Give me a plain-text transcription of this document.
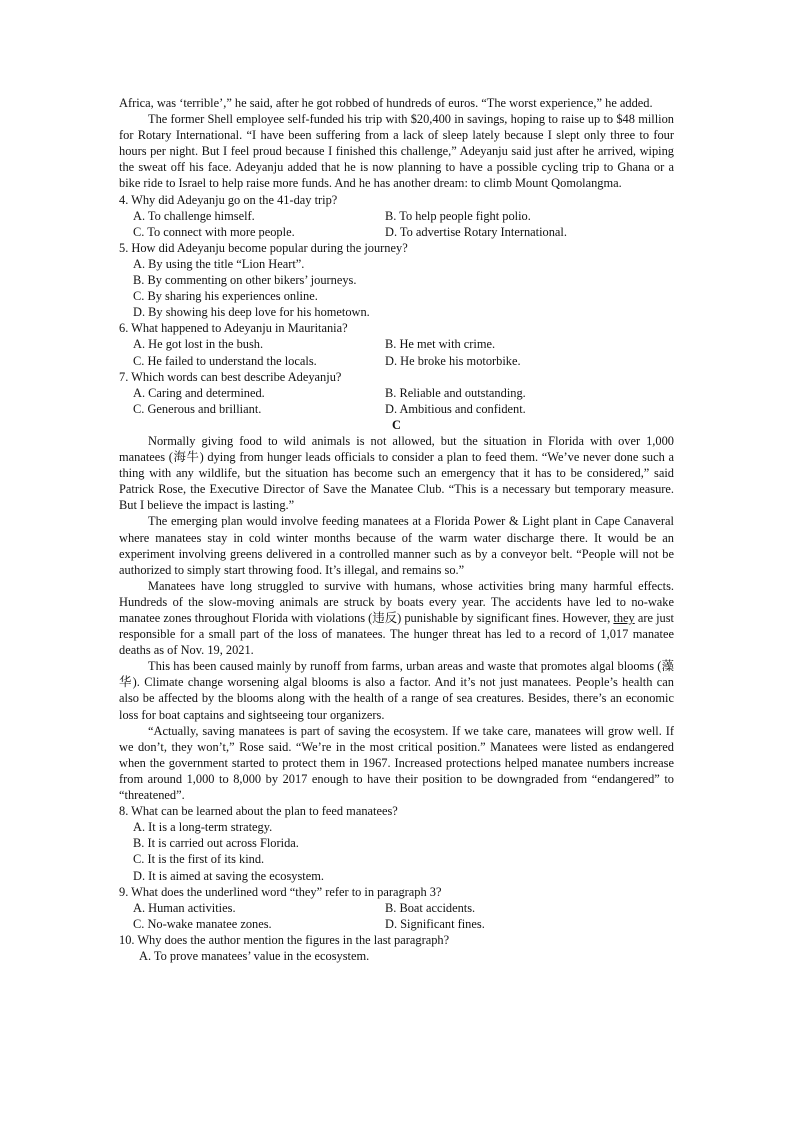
Africa, was ‘terrible’,” he said, after he got robbed of hundreds of euros. “The worst experience,” he added.

The former Shell employee self-funded his trip with $20,400 in savings, hoping to raise up to $48 million for Rotary International. “I have been suffering from a lack of sleep lately because I slept only three to four hours per night. But I feel proud because I finished this challenge,” Adeyanju said just after he arrived, wiping the sweat off his face. Adeyanju added that he is now planning to have a possible cycling trip to Ghana or a bike ride to Israel to help raise more funds. And he has another dream: to climb Mount Qomolangma.

4. Why did Adeyanju go on the 41-day trip?

A. To challenge himself.	B. To help people fight polio.
C. To connect with more people.	D. To advertise Rotary International.

5. How did Adeyanju become popular during the journey?

A. By using the title “Lion Heart”.

B. By commenting on other bikers’ journeys.

C. By sharing his experiences online.

D. By showing his deep love for his hometown.

6. What happened to Adeyanju in Mauritania?

A. He got lost in the bush.	B. He met with crime.
C. He failed to understand the locals.	D. He broke his motorbike.

7. Which words can best describe Adeyanju?

A. Caring and determined.	B. Reliable and outstanding.
C. Generous and brilliant.	D. Ambitious and confident.

C

Normally giving food to wild animals is not allowed, but the situation in Florida with over 1,000 manatees (海牛) dying from hunger leads officials to consider a plan to feed them. “We’ve never done such a thing with any wildlife, but the situation has become such an emergency that it has to be considered,” said Patrick Rose, the Executive Director of Save the Manatee Club. “This is a necessary but temporary measure. But I believe the impact is lasting.”

The emerging plan would involve feeding manatees at a Florida Power & Light plant in Cape Canaveral where manatees stay in cold winter months because of the warm water discharge there. It would be an experiment involving greens delivered in a controlled manner such as by a conveyor belt. “People will not be authorized to simply start throwing food. It’s illegal, and remains so.”

Manatees have long struggled to survive with humans, whose activities bring many harmful effects. Hundreds of the slow-moving animals are struck by boats every year. The accidents have led to no-wake manatee zones throughout Florida with violations (违反) punishable by significant fines. However, they are just responsible for a small part of the loss of manatees. The hunger threat has led to a record of 1,017 manatee deaths as of Nov. 19, 2021.

This has been caused mainly by runoff from farms, urban areas and waste that promotes algal blooms (藻华). Climate change worsening algal blooms is also a factor. And it’s not just manatees. People’s health can also be affected by the blooms along with the health of a range of sea creatures. Besides, there’s an economic loss for boat captains and sightseeing tour organizers.

“Actually, saving manatees is part of saving the ecosystem. If we take care, manatees will grow well. If we don’t, they won’t,” Rose said. “We’re in the most critical position.” Manatees were listed as endangered when the government started to protect them in 1967. Increased protections helped manatee numbers increase from around 1,000 to 8,000 by 2017 enough to have their position to be downgraded from “endangered” to “threatened”.

8. What can be learned about the plan to feed manatees?

A. It is a long-term strategy.

B. It is carried out across Florida.

C. It is the first of its kind.

D. It is aimed at saving the ecosystem.

9. What does the underlined word “they” refer to in paragraph 3?

A. Human activities.	B. Boat accidents.
C. No-wake manatee zones.	D. Significant fines.

10. Why does the author mention the figures in the last paragraph?

A. To prove manatees’ value in the ecosystem.
